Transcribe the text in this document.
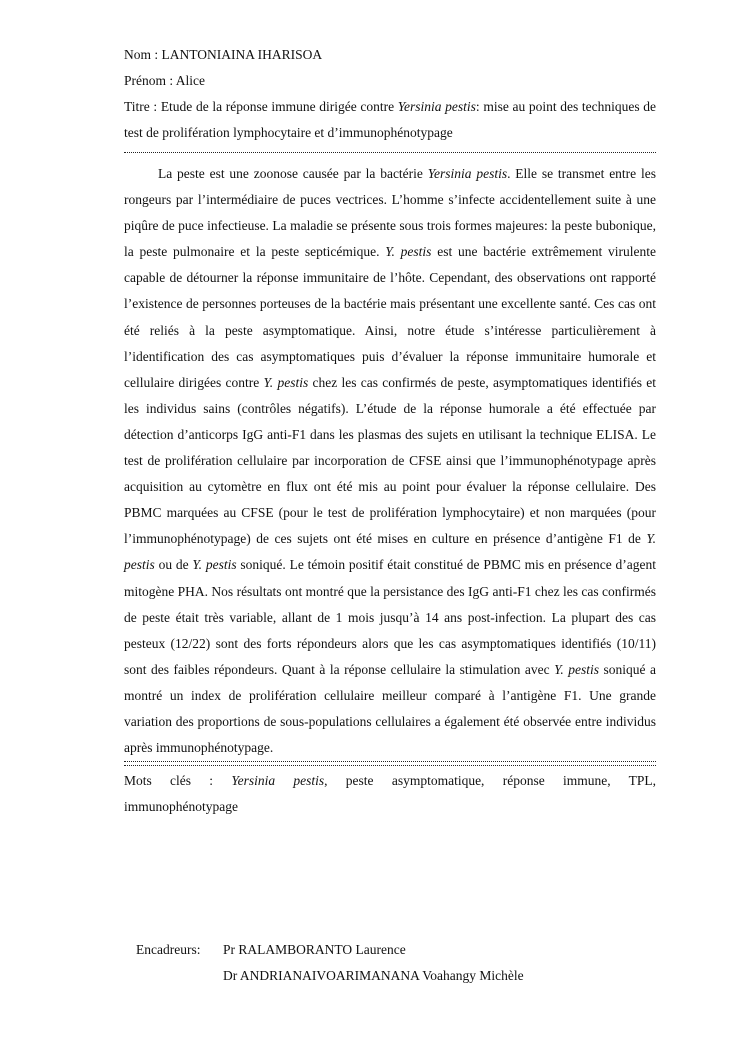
Nom : LANTONIAINA IHARISOA
Prénom : Alice
Titre : Etude de la réponse immune dirigée contre Yersinia pestis: mise au point des techniques de test de prolifération lymphocytaire et d’immunophénotypage

La peste est une zoonose causée par la bactérie Yersinia pestis. Elle se transmet entre les rongeurs par l’intermédiaire de puces vectrices. L’homme s’infecte accidentellement suite à une piqûre de puce infectieuse. La maladie se présente sous trois formes majeures: la peste bubonique, la peste pulmonaire et la peste septicémique. Y. pestis est une bactérie extrêmement virulente capable de détourner la réponse immunitaire de l’hôte. Cependant, des observations ont rapporté l’existence de personnes porteuses de la bactérie mais présentant une excellente santé. Ces cas ont été reliés à la peste asymptomatique. Ainsi, notre étude s’intéresse particulièrement à l’identification des cas asymptomatiques puis d’évaluer la réponse immunitaire humorale et cellulaire dirigées contre Y. pestis chez les cas confirmés de peste, asymptomatiques identifiés et les individus sains (contrôles négatifs). L’étude de la réponse humorale a été effectuée par détection d’anticorps IgG anti-F1 dans les plasmas des sujets en utilisant la technique ELISA. Le test de prolifération cellulaire par incorporation de CFSE ainsi que l’immunophénotypage après acquisition au cytomètre en flux ont été mis au point pour évaluer la réponse cellulaire. Des PBMC marquées au CFSE (pour le test de prolifération lymphocytaire) et non marquées (pour l’immunophénotypage) de ces sujets ont été mises en culture en présence d’antigène F1 de Y. pestis ou de Y. pestis soniqué. Le témoin positif était constitué de PBMC mis en présence d’agent mitogène PHA. Nos résultats ont montré que la persistance des IgG anti-F1 chez les cas confirmés de peste était très variable, allant de 1 mois jusqu’à 14 ans post-infection. La plupart des cas pesteux (12/22) sont des forts répondeurs alors que les cas asymptomatiques identifiés (10/11) sont des faibles répondeurs. Quant à la réponse cellulaire la stimulation avec Y. pestis soniqué a montré un index de prolifération cellulaire meilleur comparé à l’antigène F1. Une grande variation des proportions de sous-populations cellulaires a également été observée entre individus après immunophénotypage.

Mots clés : Yersinia pestis, peste asymptomatique, réponse immune, TPL,
immunophénotypage
Encadreurs: Pr RALAMBORANTO Laurence
Dr ANDRIANAIVOARIMANANA Voahangy Michèle
